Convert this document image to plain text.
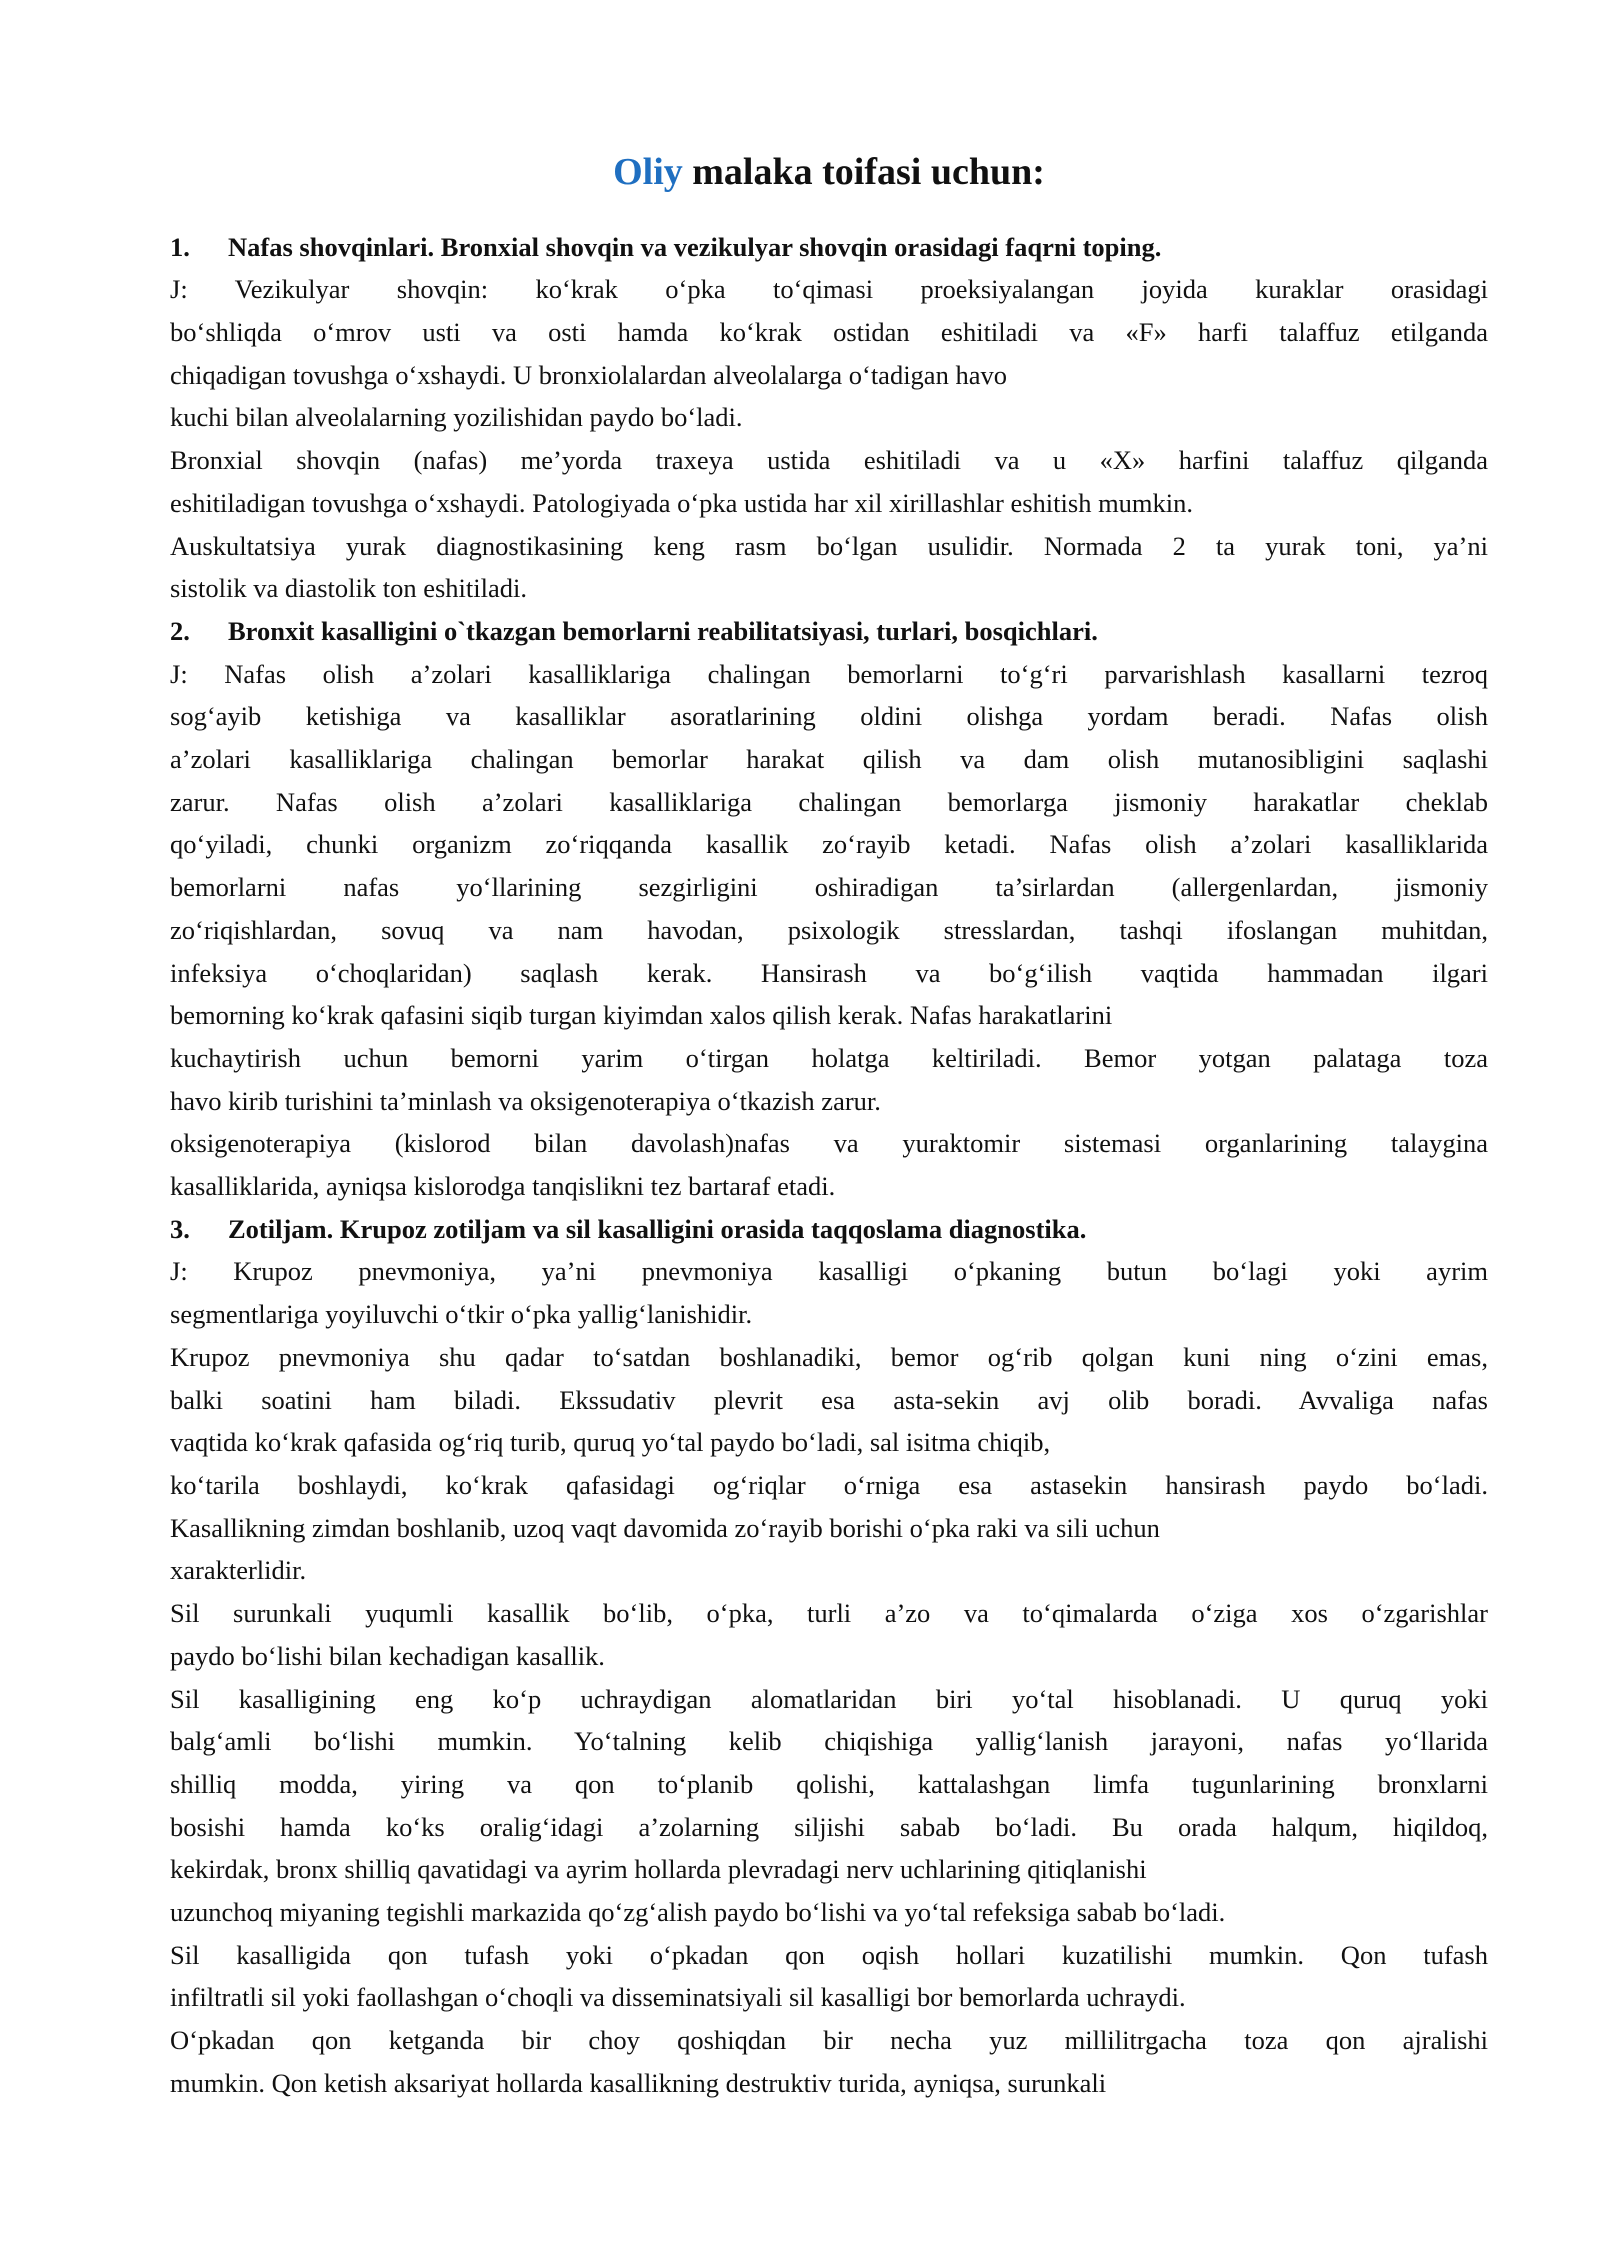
Oliy malaka toifasi uchun:
1.	Nafas shovqinlari. Bronxial shovqin va vezikulyar shovqin orasidagi faqrni toping.
J: Vezikulyar shovqin: ko‘krak o‘pka to‘qimasi proeksiyalangan joyida kuraklar orasidagi
bo‘shliqda o‘mrov usti va osti hamda ko‘krak ostidan eshitiladi va «F» harfi talaffuz etilganda
chiqadigan tovushga o‘xshaydi. U bronxiolalardan alveolalarga o‘tadigan havo
kuchi bilan alveolalarning yozilishidan paydo bo‘ladi.
Bronxial shovqin (nafas) me’yorda traxeya ustida eshitiladi va u «X» harfini talaffuz qilganda
eshitiladigan tovushga o‘xshaydi. Patologiyada o‘pka ustida har xil xirillashlar eshitish mumkin.
Auskultatsiya yurak diagnostikasining keng rasm bo‘lgan usulidir. Normada 2 ta yurak toni, ya’ni
sistolik va diastolik ton eshitiladi.
2.	Bronxit kasalligini o`tkazgan bemorlarni reabilitatsiyasi, turlari, bosqichlari.
J: Nafas olish a’zolari kasalliklariga chalingan bemorlarni to‘g‘ri parvarishlash kasallarni tezroq
sog‘ayib ketishiga va kasalliklar asoratlarining oldini olishga yordam beradi. Nafas olish
a’zolari kasalliklariga chalingan bemorlar harakat qilish va dam olish mutanosibligini saqlashi
zarur. Nafas olish a’zolari kasalliklariga chalingan bemorlarga jismoniy harakatlar cheklab
qo‘yiladi, chunki organizm zo‘riqqanda kasallik zo‘rayib ketadi. Nafas olish a’zolari kasalliklarida
bemorlarni nafas yo‘llarining sezgirligini oshiradigan ta’sirlardan (allergenlardan, jismoniy
zo‘riqishlardan, sovuq va nam havodan, psixologik stresslardan, tashqi ifoslangan muhitdan,
infeksiya o‘choqlaridan) saqlash kerak. Hansirash va bo‘g‘ilish vaqtida hammadan ilgari
bemorning ko‘krak qafasini siqib turgan kiyimdan xalos qilish kerak. Nafas harakatlarini
kuchaytirish uchun bemorni yarim o‘tirgan holatga keltiriladi. Bemor yotgan palataga toza
havo kirib turishini ta’minlash va oksigenoterapiya o‘tkazish zarur.
oksigenoterapiya (kislorod bilan davolash)nafas va yuraktomir sistemasi organlarining talaygina
kasalliklarida, ayniqsa kislorodga tanqislikni tez bartaraf etadi.
3.	Zotiljam. Krupoz zotiljam va sil kasalligini orasida taqqoslama diagnostika.
J: Krupoz pnevmoniya, ya’ni pnevmoniya kasalligi o‘pkaning butun bo‘lagi yoki ayrim
segmentlariga yoyiluvchi o‘tkir o‘pka yallig‘lanishidir.
Krupoz pnevmoniya shu qadar to‘satdan boshlanadiki, bemor og‘rib qolgan kuni ning o‘zini emas,
balki soatini ham biladi. Ekssudativ plevrit esa asta-sekin avj olib boradi. Avvaliga nafas
vaqtida ko‘krak qafasida og‘riq turib, quruq yo‘tal paydo bo‘ladi, sal isitma chiqib,
ko‘tarila boshlaydi, ko‘krak qafasidagi og‘riqlar o‘rniga esa astasekin hansirash paydo bo‘ladi.
Kasallikning zimdan boshlanib, uzoq vaqt davomida zo‘rayib borishi o‘pka raki va sili uchun
xarakterlidir.
Sil surunkali yuqumli kasallik bo‘lib, o‘pka, turli a’zo va to‘qimalarda o‘ziga xos o‘zgarishlar
paydo bo‘lishi bilan kechadigan kasallik.
Sil kasalligining eng ko‘p uchraydigan alomatlaridan biri yo‘tal hisoblanadi. U quruq yoki
balg‘amli bo‘lishi mumkin. Yo‘talning kelib chiqishiga yallig‘lanish jarayoni, nafas yo‘llarida
shilliq modda, yiring va qon to‘planib qolishi, kattalashgan limfa tugunlarining bronxlarni
bosishi hamda ko‘ks oralig‘idagi a’zolarning siljishi sabab bo‘ladi. Bu orada halqum, hiqildoq,
kekirdak, bronx shilliq qavatidagi va ayrim hollarda plevradagi nerv uchlarining qitiqlanishi
uzunchoq miyaning tegishli markazida qo‘zg‘alish paydo bo‘lishi va yo‘tal refeksiga sabab bo‘ladi.
Sil kasalligida qon tufash yoki o‘pkadan qon oqish hollari kuzatilishi mumkin. Qon tufash
infiltratli sil yoki faollashgan o‘choqli va disseminatsiyali sil kasalligi bor bemorlarda uchraydi.
O‘pkadan qon ketganda bir choy qoshiqdan bir necha yuz millilitrgacha toza qon ajralishi
mumkin. Qon ketish aksariyat hollarda kasallikning destruktiv turida, ayniqsa, surunkali
